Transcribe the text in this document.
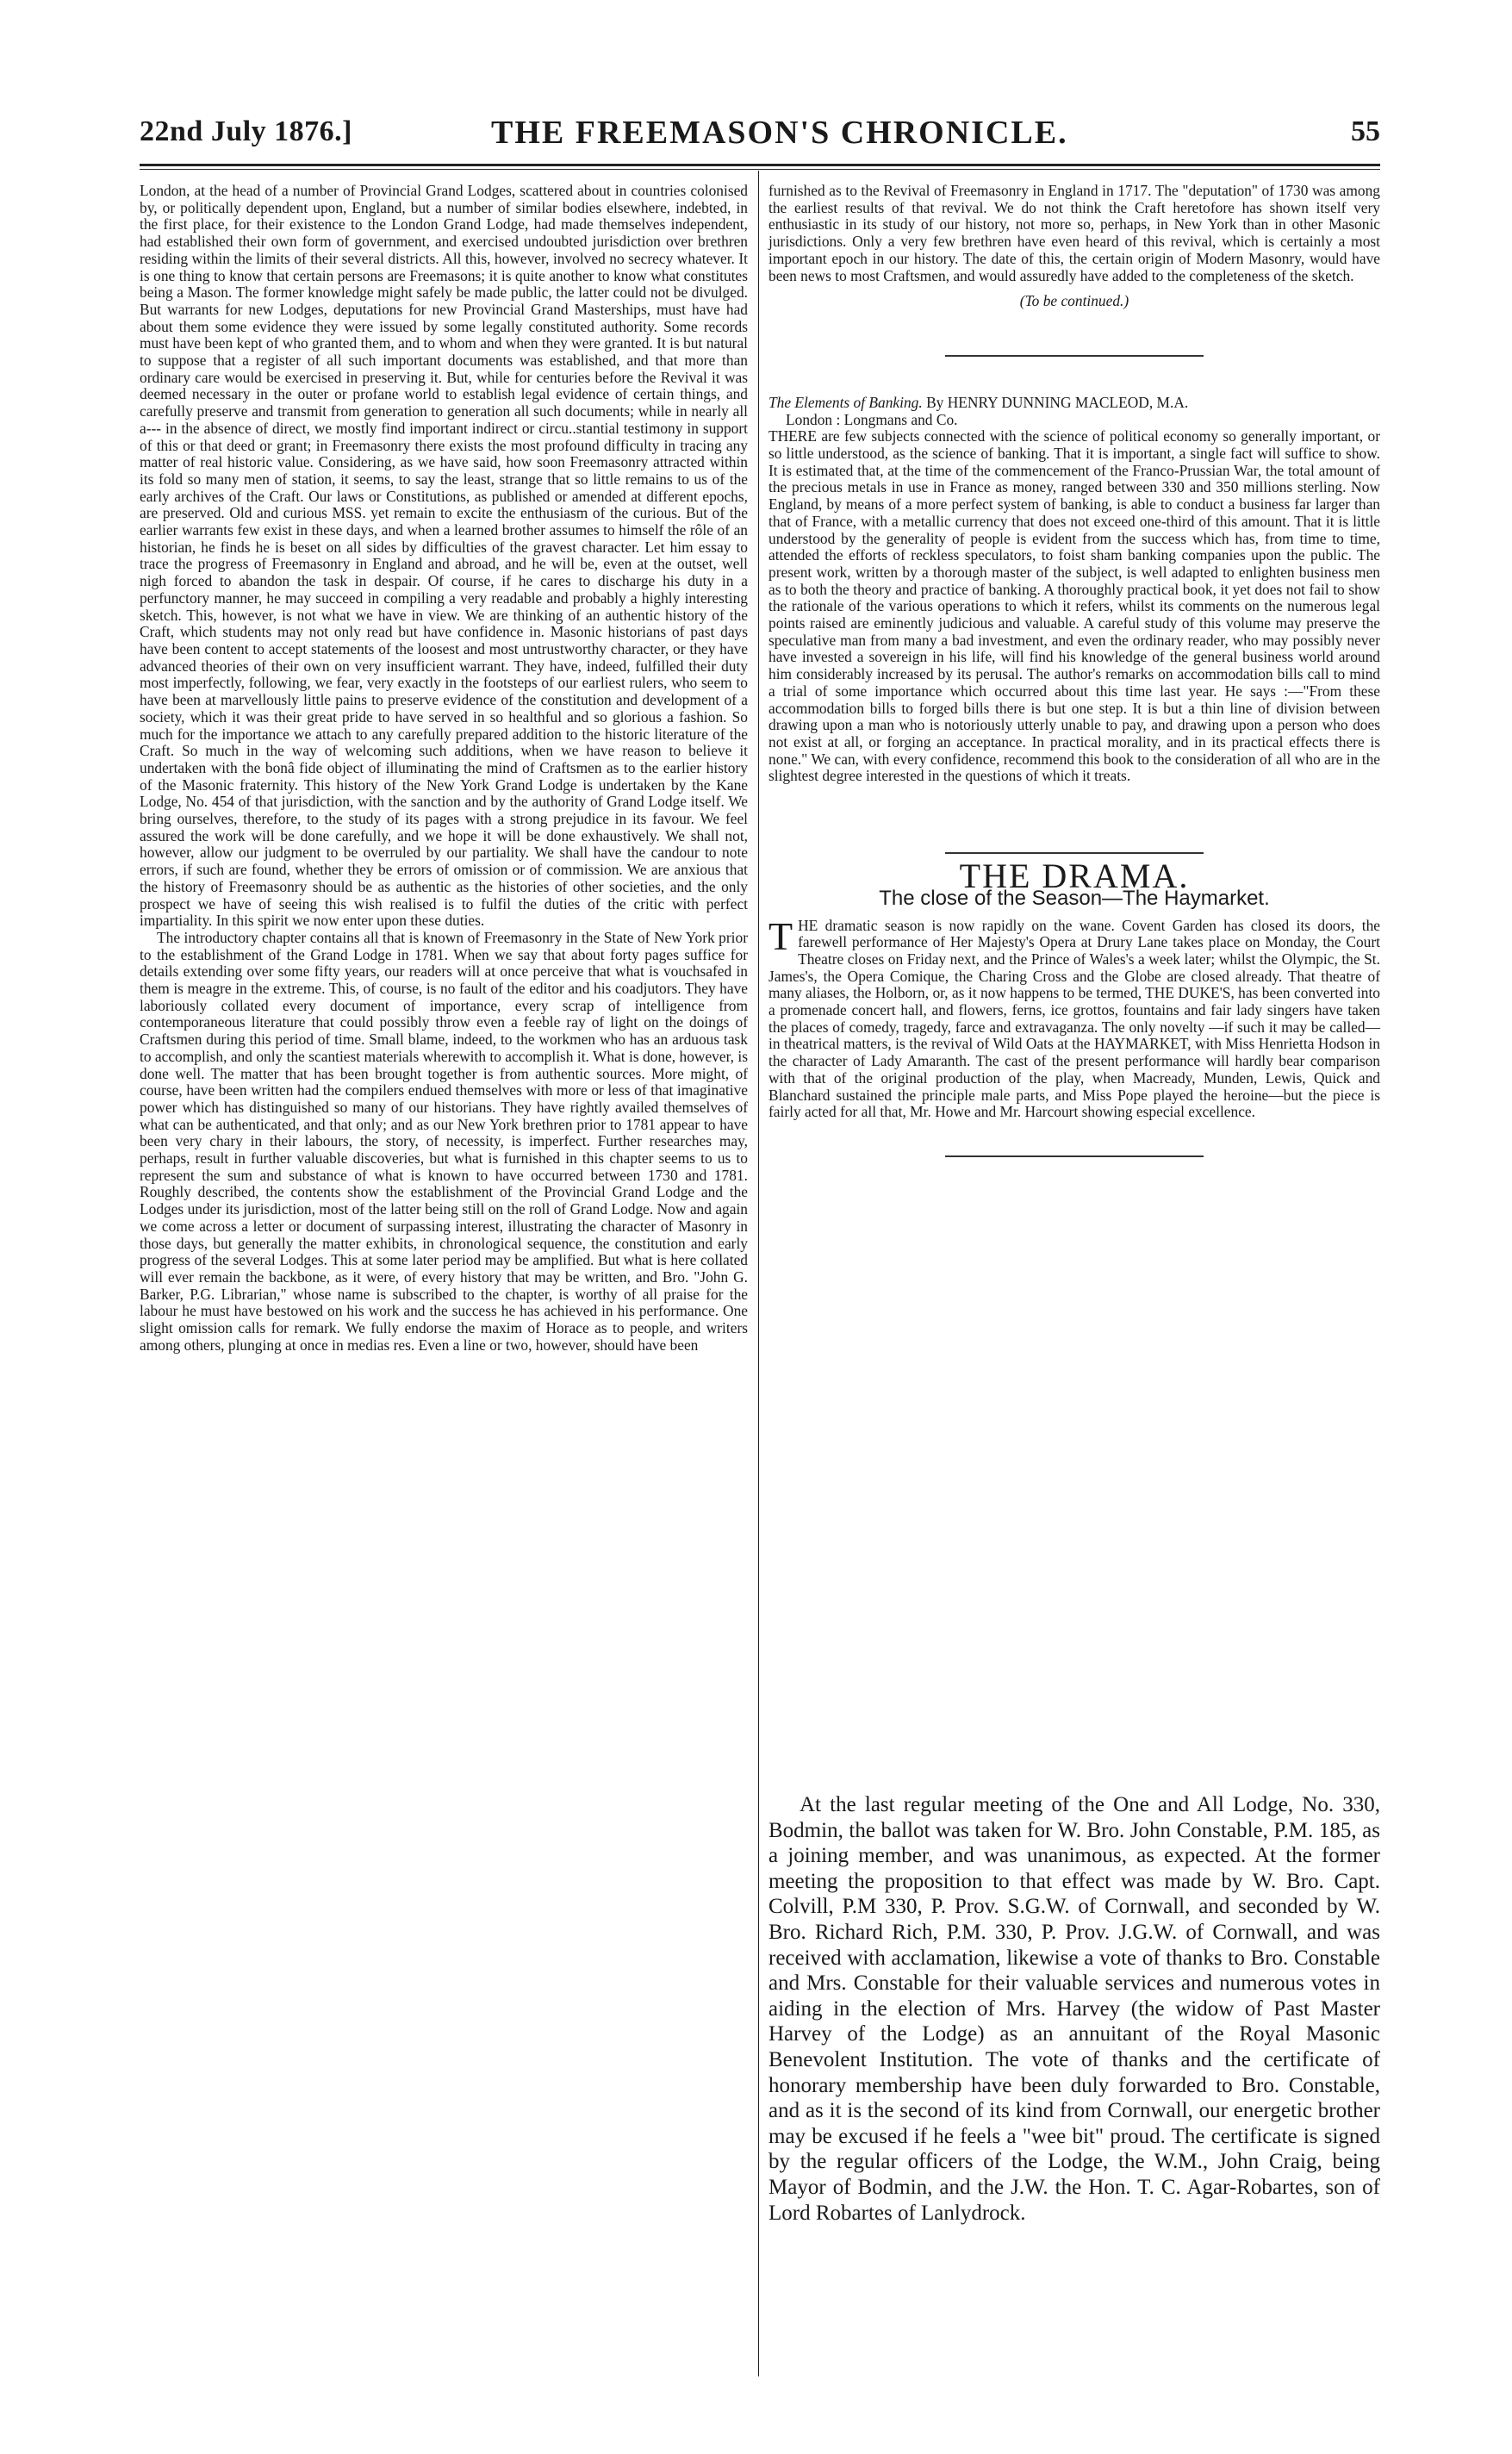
22nd July 1876.]	THE FREEMASON'S CHRONICLE.	55

London, at the head of a number of Provincial Grand Lodges, scattered about in countries colonised by, or politically dependent upon, England, but a number of similar bodies elsewhere, indebted, in the first place, for their existence to the London Grand Lodge, had made themselves independent, had established their own form of government, and exercised undoubted jurisdiction over brethren residing within the limits of their several districts. All this, however, involved no secrecy whatever. It is one thing to know that certain persons are Freemasons; it is quite another to know what constitutes being a Mason. The former knowledge might safely be made public, the latter could not be divulged. But warrants for new Lodges, deputations for new Provincial Grand Masterships, must have had about them some evidence they were issued by some legally constituted authority. Some records must have been kept of who granted them, and to whom and when they were granted. It is but natural to suppose that a register of all such important documents was established, and that more than ordinary care would be exercised in preserving it. But, while for centuries before the Revival it was deemed necessary in the outer or profane world to establish legal evidence of certain things, and carefully preserve and transmit from generation to generation all such documents; while in nearly all a--- in the absence of direct, we mostly find important indirect or circu..stantial testimony in support of this or that deed or grant; in Freemasonry there exists the most profound difficulty in tracing any matter of real historic value. Considering, as we have said, how soon Freemasonry attracted within its fold so many men of station, it seems, to say the least, strange that so little remains to us of the early archives of the Craft. Our laws or Constitutions, as published or amended at different epochs, are preserved. Old and curious MSS. yet remain to excite the enthusiasm of the curious. But of the earlier warrants few exist in these days, and when a learned brother assumes to himself the rôle of an historian, he finds he is beset on all sides by difficulties of the gravest character. Let him essay to trace the progress of Freemasonry in England and abroad, and he will be, even at the outset, well nigh forced to abandon the task in despair. Of course, if he cares to discharge his duty in a perfunctory manner, he may succeed in compiling a very readable and probably a highly interesting sketch. This, however, is not what we have in view. We are thinking of an authentic history of the Craft, which students may not only read but have confidence in. Masonic historians of past days have been content to accept statements of the loosest and most untrustworthy character, or they have advanced theories of their own on very insufficient warrant. They have, indeed, fulfilled their duty most imperfectly, following, we fear, very exactly in the footsteps of our earliest rulers, who seem to have been at marvellously little pains to preserve evidence of the constitution and development of a society, which it was their great pride to have served in so healthful and so glorious a fashion. So much for the importance we attach to any carefully prepared addition to the historic literature of the Craft. So much in the way of welcoming such additions, when we have reason to believe it undertaken with the bonâ fide object of illuminating the mind of Craftsmen as to the earlier history of the Masonic fraternity. This history of the New York Grand Lodge is undertaken by the Kane Lodge, No. 454 of that jurisdiction, with the sanction and by the authority of Grand Lodge itself. We bring ourselves, therefore, to the study of its pages with a strong prejudice in its favour. We feel assured the work will be done carefully, and we hope it will be done exhaustively. We shall not, however, allow our judgment to be overruled by our partiality. We shall have the candour to note errors, if such are found, whether they be errors of omission or of commission. We are anxious that the history of Freemasonry should be as authentic as the histories of other societies, and the only prospect we have of seeing this wish realised is to fulfil the duties of the critic with perfect impartiality. In this spirit we now enter upon these duties.

The introductory chapter contains all that is known of Freemasonry in the State of New York prior to the establishment of the Grand Lodge in 1781. When we say that about forty pages suffice for details extending over some fifty years, our readers will at once perceive that what is vouchsafed in them is meagre in the extreme. This, of course, is no fault of the editor and his coadjutors. They have laboriously collated every document of importance, every scrap of intelligence from contemporaneous literature that could possibly throw even a feeble ray of light on the doings of Craftsmen during this period of time. Small blame, indeed, to the workmen who has an arduous task to accomplish, and only the scantiest materials wherewith to accomplish it. What is done, however, is done well. The matter that has been brought together is from authentic sources. More might, of course, have been written had the compilers endued themselves with more or less of that imaginative power which has distinguished so many of our historians. They have rightly availed themselves of what can be authenticated, and that only; and as our New York brethren prior to 1781 appear to have been very chary in their labours, the story, of necessity, is imperfect. Further researches may, perhaps, result in further valuable discoveries, but what is furnished in this chapter seems to us to represent the sum and substance of what is known to have occurred between 1730 and 1781. Roughly described, the contents show the establishment of the Provincial Grand Lodge and the Lodges under its jurisdiction, most of the latter being still on the roll of Grand Lodge. Now and again we come across a letter or document of surpassing interest, illustrating the character of Masonry in those days, but generally the matter exhibits, in chronological sequence, the constitution and early progress of the several Lodges. This at some later period may be amplified. But what is here collated will ever remain the backbone, as it were, of every history that may be written, and Bro. "John G. Barker, P.G. Librarian," whose name is subscribed to the chapter, is worthy of all praise for the labour he must have bestowed on his work and the success he has achieved in his performance. One slight omission calls for remark. We fully endorse the maxim of Horace as to people, and writers among others, plunging at once in medias res. Even a line or two, however, should have been

furnished as to the Revival of Freemasonry in England in 1717. The "deputation" of 1730 was among the earliest results of that revival. We do not think the Craft heretofore has shown itself very enthusiastic in its study of our history, not more so, perhaps, in New York than in other Masonic jurisdictions. Only a very few brethren have even heard of this revival, which is certainly a most important epoch in our history. The date of this, the certain origin of Modern Masonry, would have been news to most Craftsmen, and would assuredly have added to the completeness of the sketch.

(To be continued.)

The Elements of Banking. By HENRY DUNNING MACLEOD, M.A.

London : Longmans and Co.

THERE are few subjects connected with the science of political economy so generally important, or so little understood, as the science of banking. That it is important, a single fact will suffice to show. It is estimated that, at the time of the commencement of the Franco-Prussian War, the total amount of the precious metals in use in France as money, ranged between 330 and 350 millions sterling. Now England, by means of a more perfect system of banking, is able to conduct a business far larger than that of France, with a metallic currency that does not exceed one-third of this amount. That it is little understood by the generality of people is evident from the success which has, from time to time, attended the efforts of reckless speculators, to foist sham banking companies upon the public. The present work, written by a thorough master of the subject, is well adapted to enlighten business men as to both the theory and practice of banking. A thoroughly practical book, it yet does not fail to show the rationale of the various operations to which it refers, whilst its comments on the numerous legal points raised are eminently judicious and valuable. A careful study of this volume may preserve the speculative man from many a bad investment, and even the ordinary reader, who may possibly never have invested a sovereign in his life, will find his knowledge of the general business world around him considerably increased by its perusal. The author's remarks on accommodation bills call to mind a trial of some importance which occurred about this time last year. He says :—"From these accommodation bills to forged bills there is but one step. It is but a thin line of division between drawing upon a man who is notoriously utterly unable to pay, and drawing upon a person who does not exist at all, or forging an acceptance. In practical morality, and in its practical effects there is none." We can, with every confidence, recommend this book to the consideration of all who are in the slightest degree interested in the questions of which it treats.

THE DRAMA.
The close of the Season—The Haymarket.

THE dramatic season is now rapidly on the wane. Covent Garden has closed its doors, the farewell performance of Her Majesty's Opera at Drury Lane takes place on Monday, the Court Theatre closes on Friday next, and the Prince of Wales's a week later; whilst the Olympic, the St. James's, the Opera Comique, the Charing Cross and the Globe are closed already. That theatre of many aliases, the Holborn, or, as it now happens to be termed, THE DUKE'S, has been converted into a promenade concert hall, and flowers, ferns, ice grottos, fountains and fair lady singers have taken the places of comedy, tragedy, farce and extravaganza. The only novelty —if such it may be called—in theatrical matters, is the revival of Wild Oats at the HAYMARKET, with Miss Henrietta Hodson in the character of Lady Amaranth. The cast of the present performance will hardly bear comparison with that of the original production of the play, when Macready, Munden, Lewis, Quick and Blanchard sustained the principle male parts, and Miss Pope played the heroine—but the piece is fairly acted for all that, Mr. Howe and Mr. Harcourt showing especial excellence.

At the last regular meeting of the One and All Lodge, No. 330, Bodmin, the ballot was taken for W. Bro. John Constable, P.M. 185, as a joining member, and was unanimous, as expected. At the former meeting the proposition to that effect was made by W. Bro. Capt. Colvill, P.M 330, P. Prov. S.G.W. of Cornwall, and seconded by W. Bro. Richard Rich, P.M. 330, P. Prov. J.G.W. of Cornwall, and was received with acclamation, likewise a vote of thanks to Bro. Constable and Mrs. Constable for their valuable services and numerous votes in aiding in the election of Mrs. Harvey (the widow of Past Master Harvey of the Lodge) as an annuitant of the Royal Masonic Benevolent Institution. The vote of thanks and the certificate of honorary membership have been duly forwarded to Bro. Constable, and as it is the second of its kind from Cornwall, our energetic brother may be excused if he feels a "wee bit" proud. The certificate is signed by the regular officers of the Lodge, the W.M., John Craig, being Mayor of Bodmin, and the J.W. the Hon. T. C. Agar-Robartes, son of Lord Robartes of Lanlydrock.
